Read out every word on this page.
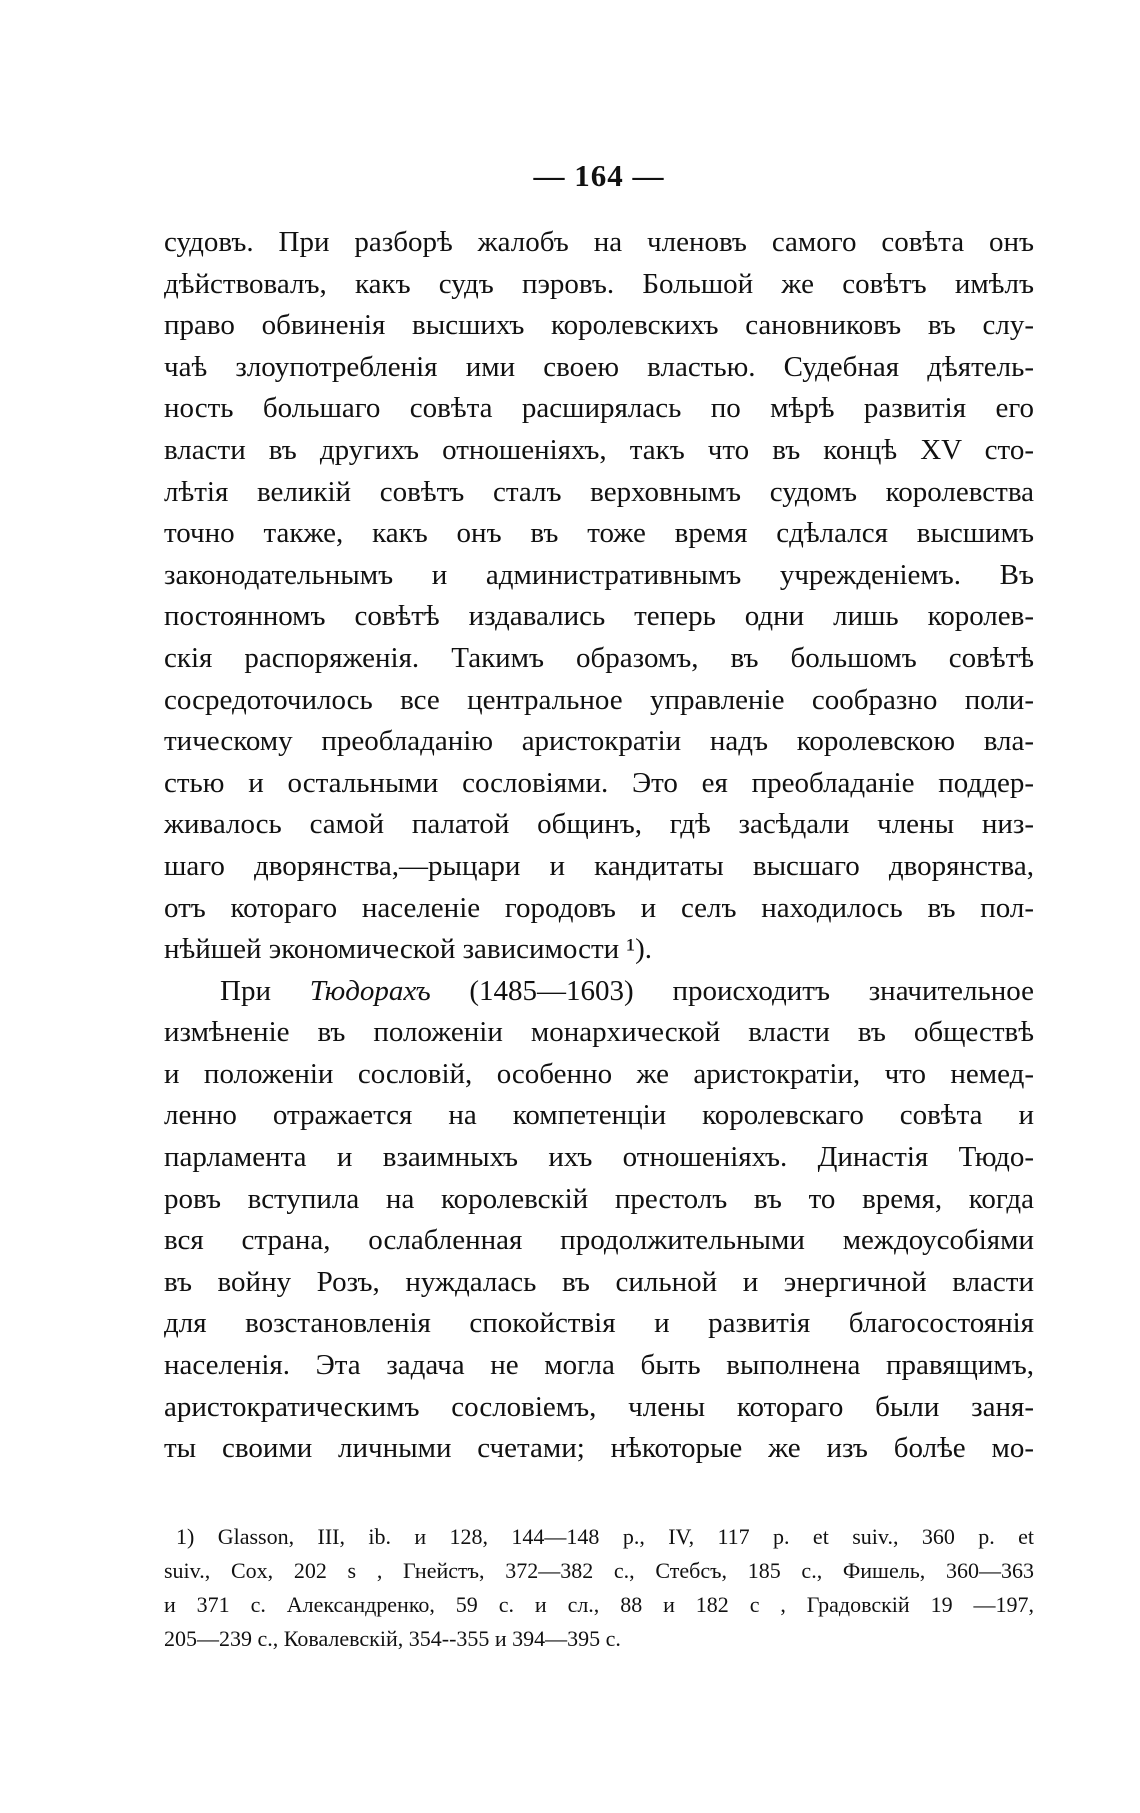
— 164 —
судовъ. При разборѣ жалобъ на членовъ самого совѣта онъ
дѣйствовалъ, какъ судъ пэровъ. Большой же совѣтъ имѣлъ
право обвиненія высшихъ королевскихъ сановниковъ въ слу-
чаѣ злоупотребленія ими своею властью. Судебная дѣятель-
ность большаго совѣта расширялась по мѣрѣ развитія его
власти въ другихъ отношеніяхъ, такъ что въ концѣ XV сто-
лѣтія великій совѣтъ сталъ верховнымъ судомъ королевства
точно также, какъ онъ въ тоже время сдѣлался высшимъ
законодательнымъ и административнымъ учрежденіемъ. Въ
постоянномъ совѣтѣ издавались теперь одни лишь королев-
скія распоряженія. Такимъ образомъ, въ большомъ совѣтѣ
сосредоточилось все центральное управленіе сообразно поли-
тическому преобладанію аристократіи надъ королевскою вла-
стью и остальными сословіями. Это ея преобладаніе поддер-
живалось самой палатой общинъ, гдѣ засѣдали члены низ-
шаго дворянства,—рыцари и кандитаты высшаго дворянства,
отъ котораго населеніе городовъ и селъ находилось въ пол-
нѣйшей экономической зависимости ¹).
При Тюдорахъ (1485—1603) происходитъ значительное
измѣненіе въ положеніи монархической власти въ обществѣ
и положеніи сословій, особенно же аристократіи, что немед-
ленно отражается на компетенціи королевскаго совѣта и
парламента и взаимныхъ ихъ отношеніяхъ. Династія Тюдо-
ровъ вступила на королевскій престолъ въ то время, когда
вся страна, ослабленная продолжительными междоусобіями
въ войну Розъ, нуждалась въ сильной и энергичной власти
для возстановленія спокойствія и развитія благосостоянія
населенія. Эта задача не могла быть выполнена правящимъ,
аристократическимъ сословіемъ, члены котораго были заня-
ты своими личными счетами; нѣкоторые же изъ болѣе мо-
1) Glasson, III, ib. и 128, 144—148 p., IV, 117 p. et suiv., 360 p. et
suiv., Cox, 202 s , Гнейстъ, 372—382 с., Стебсъ, 185 с., Фишель, 360—363
и 371 с. Александренко, 59 с. и сл., 88 и 182 с , Градовскій 19 —197,
205—239 с., Ковалевскій, 354--355 и 394—395 с.
